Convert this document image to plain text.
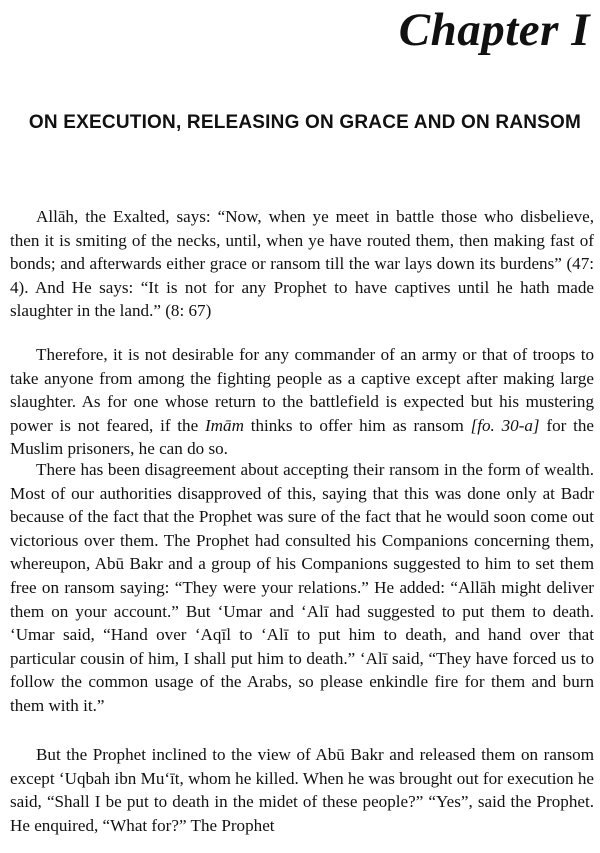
Chapter I
ON EXECUTION, RELEASING ON GRACE AND ON RANSOM

Allāh, the Exalted, says: “Now, when ye meet in battle those who disbelieve, then it is smiting of the necks, until, when ye have routed them, then making fast of bonds; and afterwards either grace or ransom till the war lays down its burdens” (47: 4). And He says: “It is not for any Prophet to have captives until he hath made slaughter in the land.” (8: 67)

Therefore, it is not desirable for any commander of an army or that of troops to take anyone from among the fighting people as a captive except after making large slaughter. As for one whose return to the battlefield is expected but his mustering power is not feared, if the Imām thinks to offer him as ransom [fo. 30-a] for the Muslim prisoners, he can do so.

There has been disagreement about accepting their ransom in the form of wealth. Most of our authorities disapproved of this, saying that this was done only at Badr because of the fact that the Prophet was sure of the fact that he would soon come out victorious over them. The Prophet had consulted his Companions concerning them, whereupon, Abū Bakr and a group of his Companions suggested to him to set them free on ransom saying: “They were your relations.” He added: “Allāh might deliver them on your account.” But ‘Umar and ‘Alī had suggested to put them to death. ‘Umar said, “Hand over ‘Aqīl to ‘Alī to put him to death, and hand over that particular cousin of him, I shall put him to death.” ‘Alī said, “They have forced us to follow the common usage of the Arabs, so please enkindle fire for them and burn them with it.”

But the Prophet inclined to the view of Abū Bakr and released them on ransom except ‘Uqbah ibn Mu‘īt, whom he killed. When he was brought out for execution he said, “Shall I be put to death in the midet of these people?” “Yes”, said the Prophet. He enquired, “What for?” The Prophet
